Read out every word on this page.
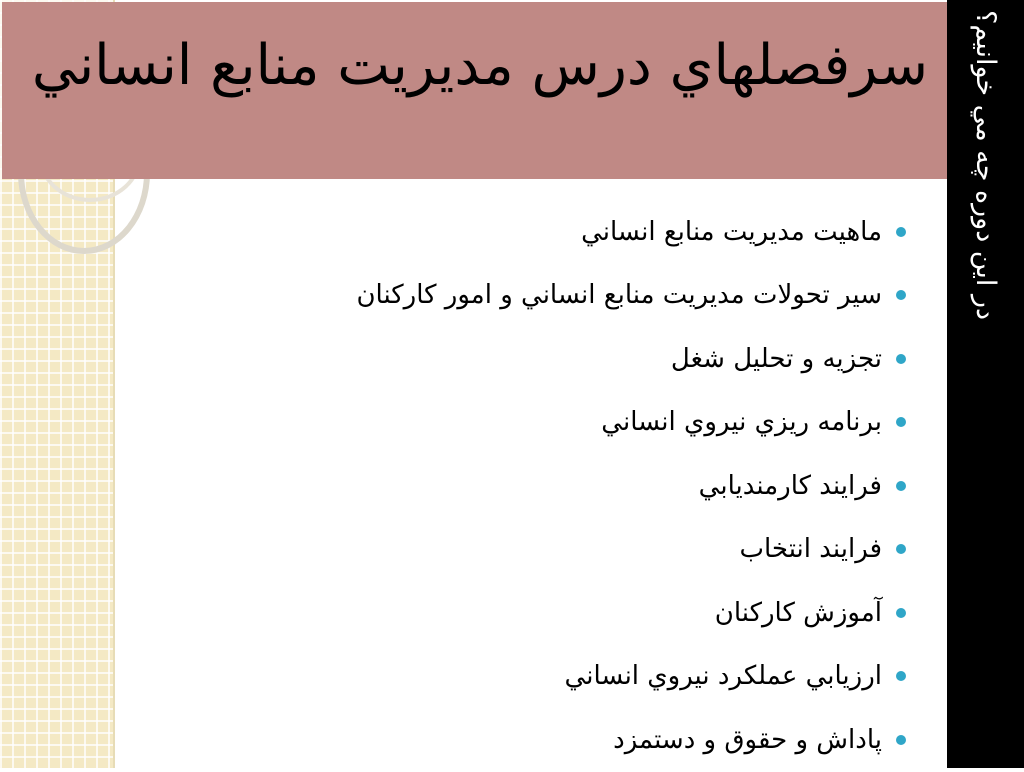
سرفصلهاي درس مديريت منابع انساني در اين دوره چه مي خوانيم؟
ماهيت مديريت منابع انساني
سير تحولات مديريت منابع انساني و امور كاركنان
تجزيه و تحليل شغل
برنامه ريزي نيروي انساني
فرايند كارمنديابي
فرايند انتخاب
آموزش كاركنان
ارزيابي عملكرد نيروي انساني
پاداش و حقوق و دستمزد
